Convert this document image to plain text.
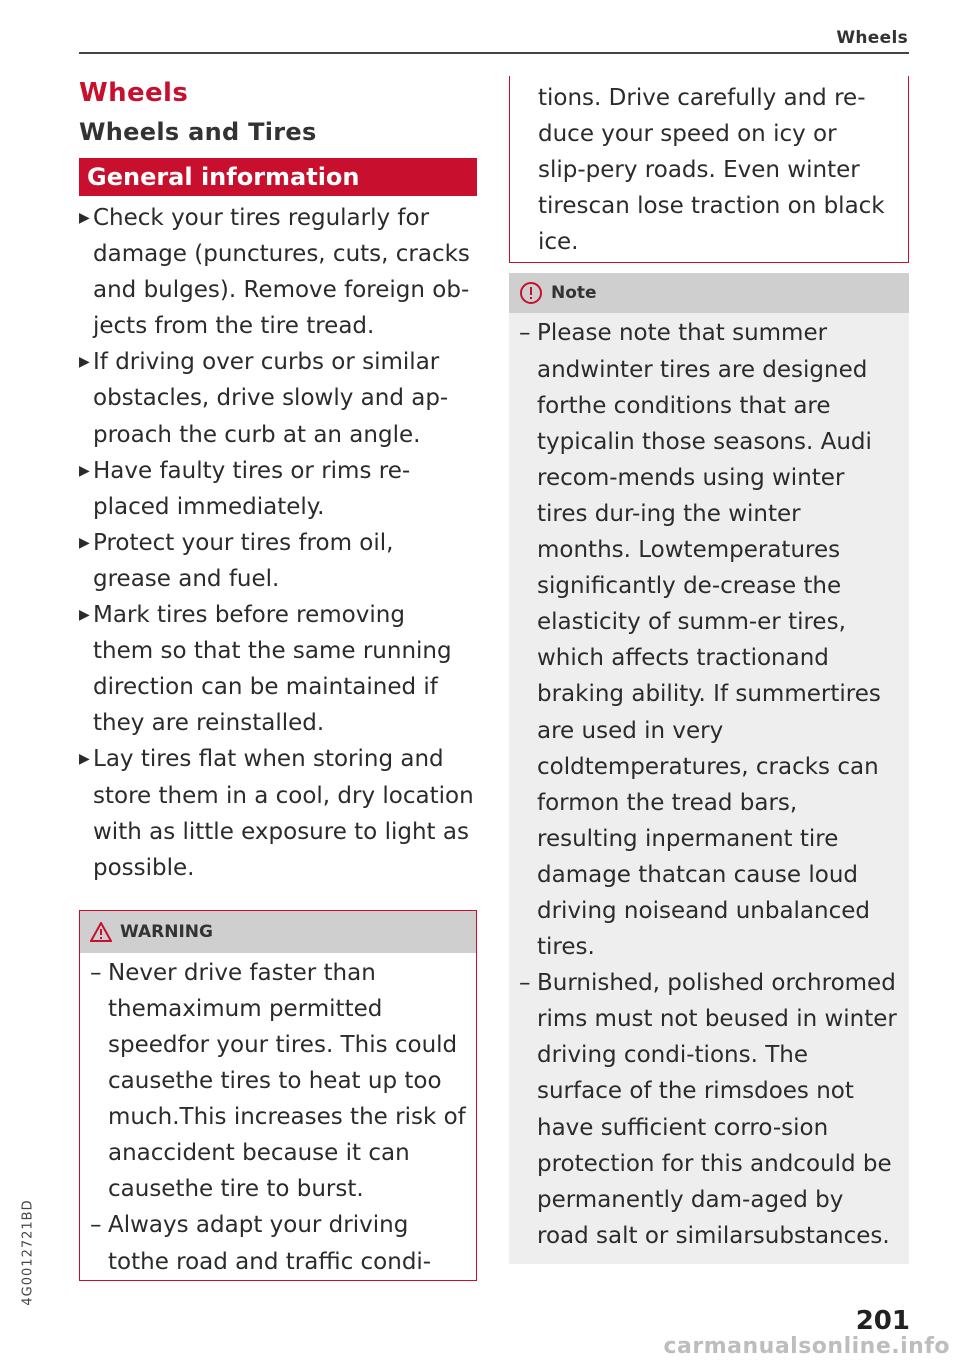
Wheels
Wheels
Wheels and Tires
General information
▶ Check your tires regularly for
damage (punctures, cuts, cracks
and bulges). Remove foreign ob-
jects from the tire tread.
▶ If driving over curbs or similar
obstacles, drive slowly and ap-
proach the curb at an angle.
▶ Have faulty tires or rims re-
placed immediately.
▶ Protect your tires from oil,
grease and fuel.
▶ Mark tires before removing
them so that the same running
direction can be maintained if
they are reinstalled.
▶ Lay tires flat when storing and
store them in a cool, dry location
with as little exposure to light as
possible.
WARNING
– Never drive faster than themaximum permitted speedfor your tires. This could causethe tires to heat up too much.This increases the risk of anaccident because it can causethe tire to burst.
– Always adapt your driving tothe road and traffic condi-

tions. Drive carefully and re-duce your speed on icy or slip-pery roads. Even winter tirescan lose traction on black ice.

Note
– Please note that summer andwinter tires are designed forthe conditions that are typicalin those seasons. Audi recom-mends using winter tires dur-ing the winter months. Lowtemperatures significantly de-crease the elasticity of summ-er tires, which affects tractionand braking ability. If summertires are used in very coldtemperatures, cracks can formon the tread bars, resulting inpermanent tire damage thatcan cause loud driving noiseand unbalanced tires.
– Burnished, polished orchromed rims must not beused in winter driving condi-tions. The surface of the rimsdoes not have sufficient corro-sion protection for this andcould be permanently dam-aged by road salt or similarsubstances.
4G0012721BD
201
carmanualsonline.info
